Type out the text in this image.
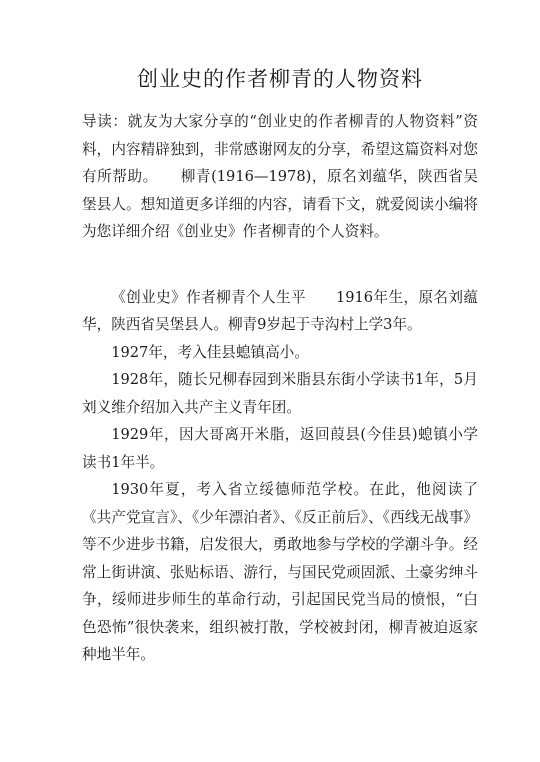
创业史的作者柳青的人物资料

导读：就友为大家分享的“创业史的作者柳青的人物资料”资料，内容精辟独到，非常感谢网友的分享，希望这篇资料对您有所帮助。　　柳青(1916—1978)，原名刘蕴华，陕西省吴堡县人。想知道更多详细的内容，请看下文，就爱阅读小编将为您详细介绍《创业史》作者柳青的个人资料。

《创业史》作者柳青个人生平　　1916年生，原名刘蕴华，陕西省吴堡县人。柳青9岁起于寺沟村上学3年。

1927年，考入佳县螅镇高小。

1928年，随长兄柳春园到米脂县东街小学读书1年，5月刘义维介绍加入共产主义青年团。

1929年，因大哥离开米脂，返回葭县(今佳县)螅镇小学读书1年半。

1930年夏，考入省立绥德师范学校。在此，他阅读了《共产党宣言》、《少年漂泊者》、《反正前后》、《西线无战事》等不少进步书籍，启发很大，勇敢地参与学校的学潮斗争。经常上街讲演、张贴标语、游行，与国民党顽固派、土豪劣绅斗争，绥师进步师生的革命行动，引起国民党当局的愤恨，“白色恐怖”很快袭来，组织被打散，学校被封闭，柳青被迫返家种地半年。
